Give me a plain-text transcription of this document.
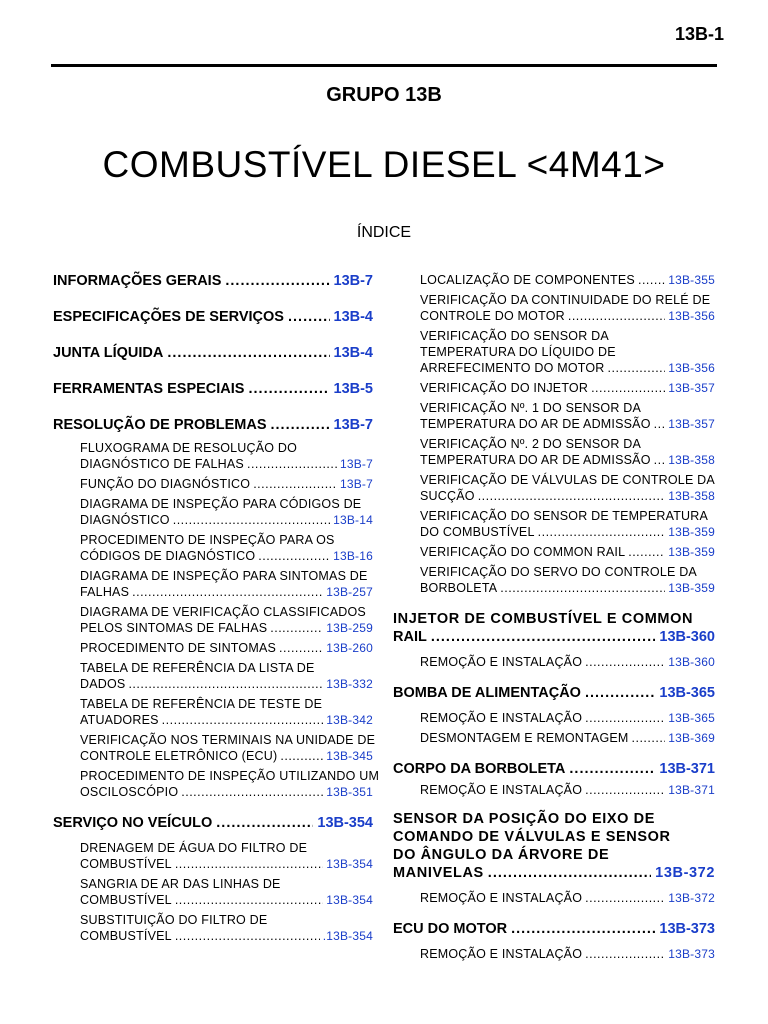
13B-1
GRUPO 13B
COMBUSTÍVEL DIESEL <4M41>
ÍNDICE
INFORMAÇÕES GERAIS .....	13B-7
ESPECIFICAÇÕES DE SERVIÇOS .....	13B-4
JUNTA LÍQUIDA .....	13B-4
FERRAMENTAS ESPECIAIS .....	13B-5
RESOLUÇÃO DE PROBLEMAS .....	13B-7
FLUXOGRAMA DE RESOLUÇÃO DO
DIAGNÓSTICO DE FALHAS .....	13B-7
FUNÇÃO DO DIAGNÓSTICO .....	13B-7
DIAGRAMA DE INSPEÇÃO PARA CÓDIGOS DE
DIAGNÓSTICO .....	13B-14
PROCEDIMENTO DE INSPEÇÃO PARA OS
CÓDIGOS DE DIAGNÓSTICO .....	13B-16
DIAGRAMA DE INSPEÇÃO PARA SINTOMAS DE
FALHAS .....	13B-257
DIAGRAMA DE VERIFICAÇÃO CLASSIFICADOS
PELOS SINTOMAS DE FALHAS .....	13B-259
PROCEDIMENTO DE SINTOMAS .....	13B-260
TABELA DE REFERÊNCIA DA LISTA DE
DADOS .....	13B-332
TABELA DE REFERÊNCIA DE TESTE DE
ATUADORES .....	13B-342
VERIFICAÇÃO NOS TERMINAIS NA UNIDADE DE
CONTROLE ELETRÔNICO (ECU) .....	13B-345
PROCEDIMENTO DE INSPEÇÃO UTILIZANDO UM
OSCILOSCÓPIO .....	13B-351
SERVIÇO NO VEÍCULO .....	13B-354
DRENAGEM DE ÁGUA DO FILTRO DE
COMBUSTÍVEL .....	13B-354
SANGRIA DE AR DAS LINHAS DE
COMBUSTÍVEL .....	13B-354
SUBSTITUIÇÃO DO FILTRO DE
COMBUSTÍVEL .....	.13B-354
LOCALIZAÇÃO DE COMPONENTES .....	13B-355
VERIFICAÇÃO DA CONTINUIDADE DO RELÉ DE
CONTROLE DO MOTOR .....	13B-356
VERIFICAÇÃO DO SENSOR DA
TEMPERATURA DO LÍQUIDO DE
ARREFECIMENTO DO MOTOR .....	13B-356
VERIFICAÇÃO DO INJETOR .....	13B-357
VERIFICAÇÃO Nº. 1 DO SENSOR DA
TEMPERATURA DO AR DE ADMISSÃO ..... 13B-357
VERIFICAÇÃO Nº. 2 DO SENSOR DA
TEMPERATURA DO AR DE ADMISSÃO ..... 13B-358
VERIFICAÇÃO DE VÁLVULAS DE CONTROLE DA
SUCÇÃO .....	13B-358
VERIFICAÇÃO DO SENSOR DE TEMPERATURA
DO COMBUSTÍVEL .....	13B-359
VERIFICAÇÃO DO COMMON RAIL .....	13B-359
VERIFICAÇÃO DO SERVO DO CONTROLE DA
BORBOLETA .....	13B-359
INJETOR DE COMBUSTÍVEL E COMMON
RAIL .....	13B-360
REMOÇÃO E INSTALAÇÃO .....	13B-360
BOMBA DE ALIMENTAÇÃO .....	13B-365
REMOÇÃO E INSTALAÇÃO .....	13B-365
DESMONTAGEM E REMONTAGEM .....	13B-369
CORPO DA BORBOLETA .....	13B-371
REMOÇÃO E INSTALAÇÃO .....	13B-371
SENSOR DA POSIÇÃO DO EIXO DE
COMANDO DE VÁLVULAS E SENSOR
DO ÂNGULO DA ÁRVORE DE
MANIVELAS .....	13B-372
REMOÇÃO E INSTALAÇÃO .....	13B-372
ECU DO MOTOR .....	13B-373
REMOÇÃO E INSTALAÇÃO .....	13B-373
